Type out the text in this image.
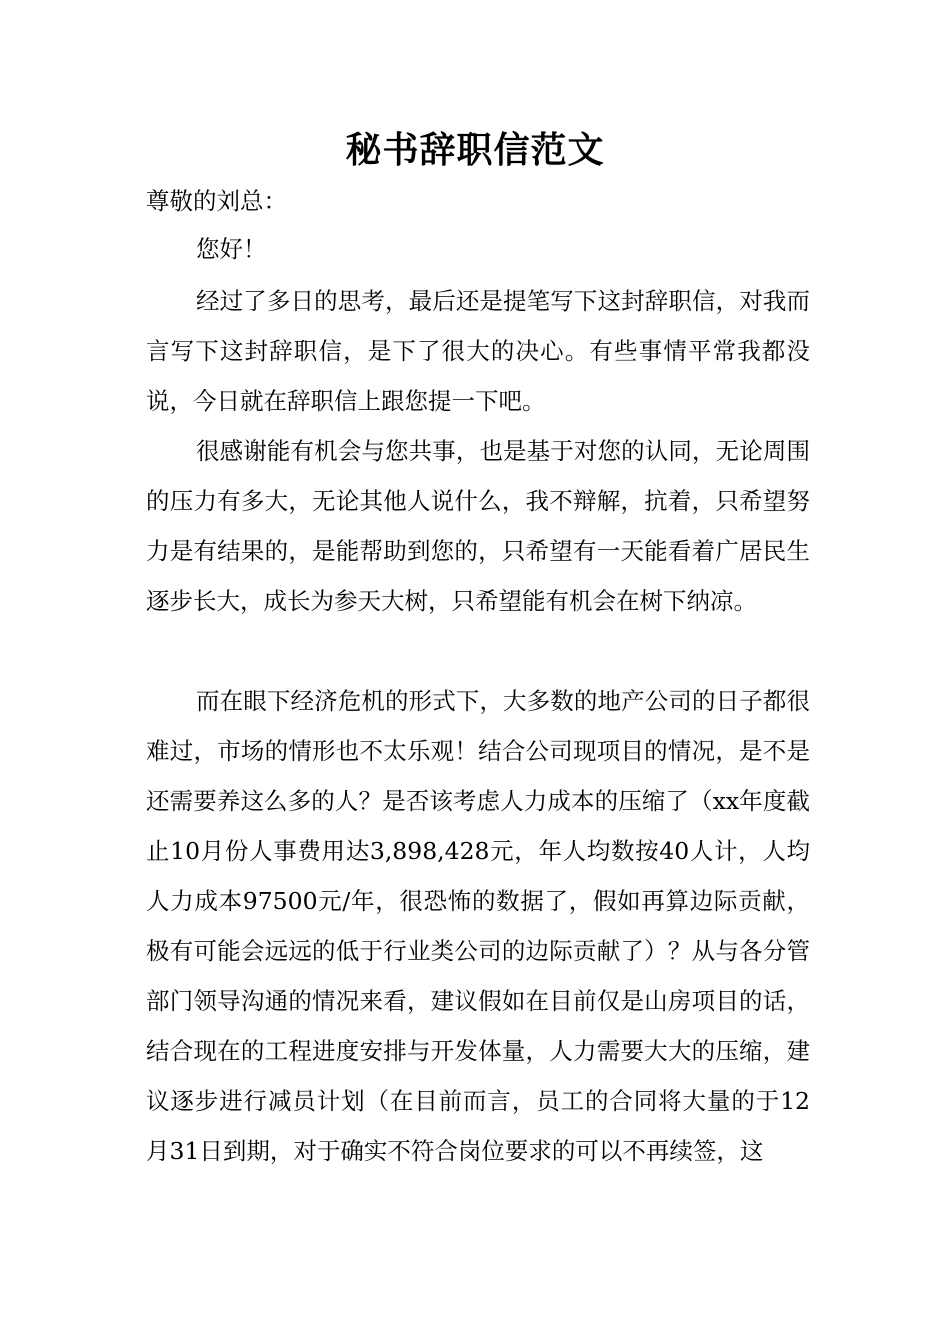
秘书辞职信范文
尊敬的刘总：
您好！
经过了多日的思考，最后还是提笔写下这封辞职信，对我而言写下这封辞职信，是下了很大的决心。有些事情平常我都没说，今日就在辞职信上跟您提一下吧。
很感谢能有机会与您共事，也是基于对您的认同，无论周围的压力有多大，无论其他人说什么，我不辩解，抗着，只希望努力是有结果的，是能帮助到您的，只希望有一天能看着广居民生逐步长大，成长为参天大树，只希望能有机会在树下纳凉。
而在眼下经济危机的形式下，大多数的地产公司的日子都很难过，市场的情形也不太乐观！结合公司现项目的情况，是不是还需要养这么多的人？是否该考虑人力成本的压缩了（xx年度截止10月份人事费用达3,898,428元，年人均数按40人计，人均人力成本97500元/年，很恐怖的数据了，假如再算边际贡献，极有可能会远远的低于行业类公司的边际贡献了）？从与各分管部门领导沟通的情况来看，建议假如在目前仅是山房项目的话，结合现在的工程进度安排与开发体量，人力需要大大的压缩，建议逐步进行减员计划（在目前而言，员工的合同将大量的于12月31日到期，对于确实不符合岗位要求的可以不再续签，这
